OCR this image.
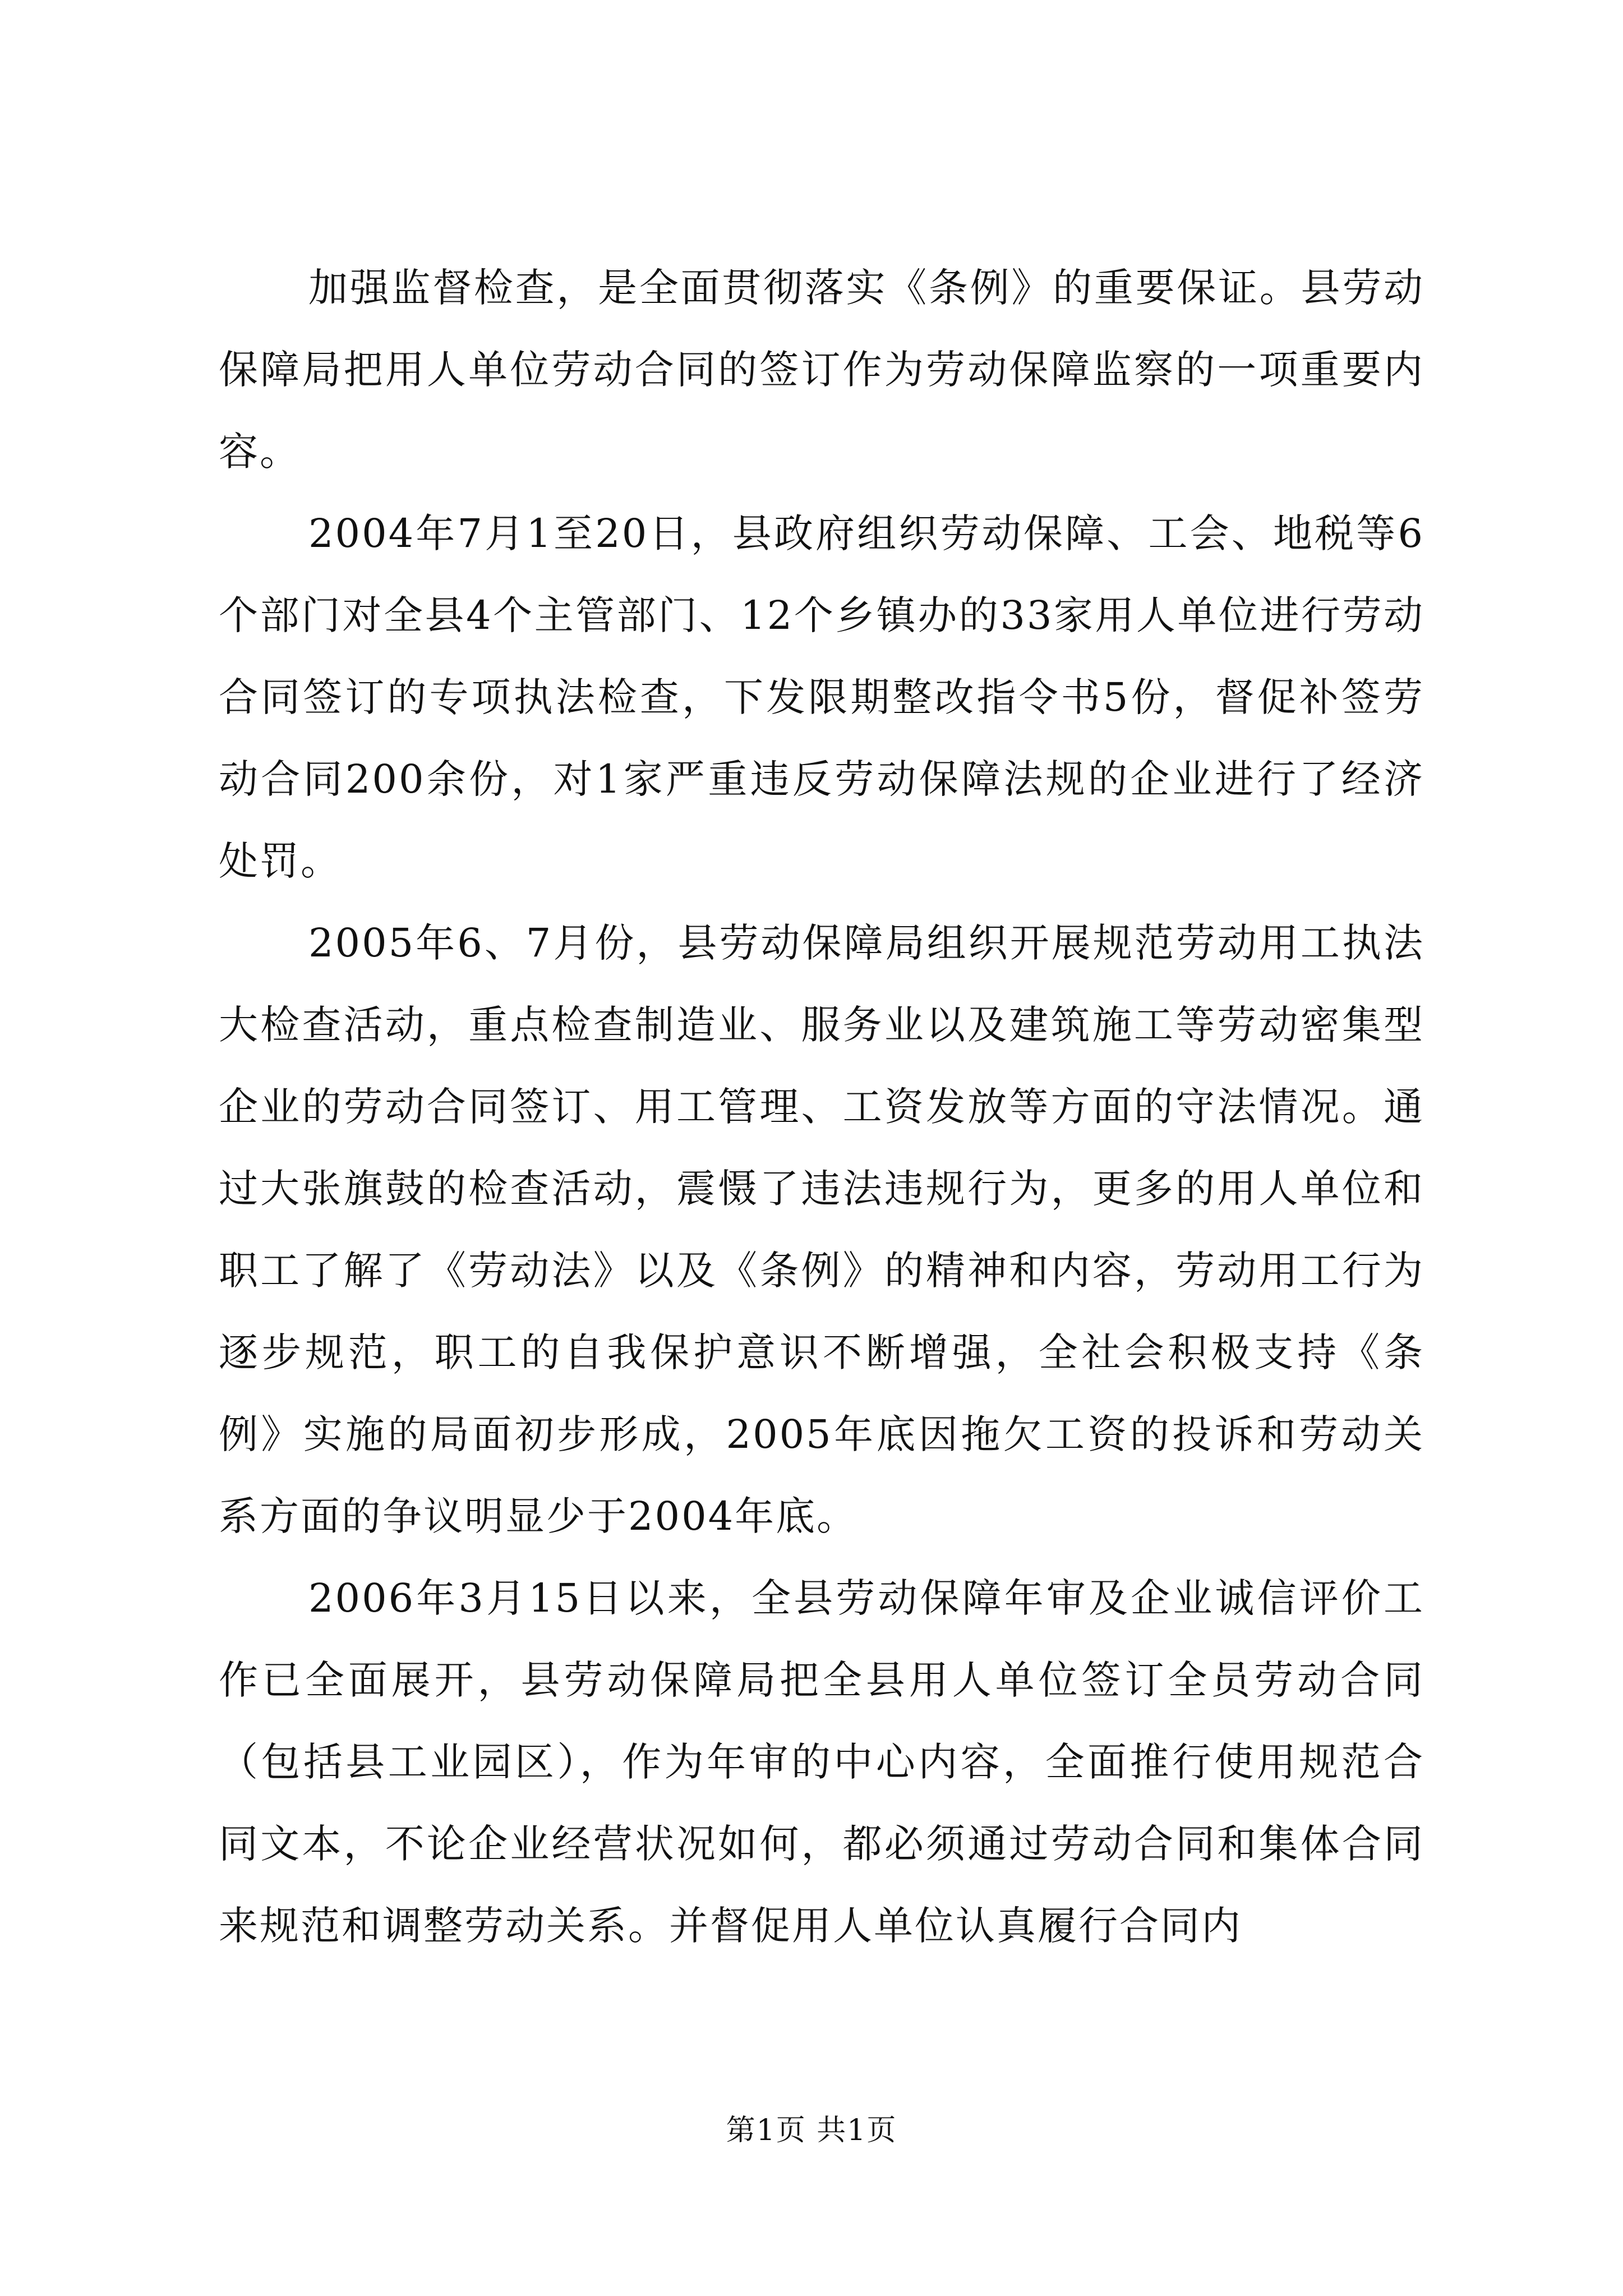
加强监督检查，是全面贯彻落实《条例》的重要保证。县劳动保障局把用人单位劳动合同的签订作为劳动保障监察的一项重要内容。

2004年7月1至20日，县政府组织劳动保障、工会、地税等6个部门对全县4个主管部门、12个乡镇办的33家用人单位进行劳动合同签订的专项执法检查，下发限期整改指令书5份，督促补签劳动合同200余份，对1家严重违反劳动保障法规的企业进行了经济处罚。

2005年6、7月份，县劳动保障局组织开展规范劳动用工执法大检查活动，重点检查制造业、服务业以及建筑施工等劳动密集型企业的劳动合同签订、用工管理、工资发放等方面的守法情况。通过大张旗鼓的检查活动，震慑了违法违规行为，更多的用人单位和职工了解了《劳动法》以及《条例》的精神和内容，劳动用工行为逐步规范，职工的自我保护意识不断增强，全社会积极支持《条例》实施的局面初步形成，2005年底因拖欠工资的投诉和劳动关系方面的争议明显少于2004年底。

2006年3月15日以来，全县劳动保障年审及企业诚信评价工作已全面展开，县劳动保障局把全县用人单位签订全员劳动合同（包括县工业园区），作为年审的中心内容，全面推行使用规范合同文本，不论企业经营状况如何，都必须通过劳动合同和集体合同来规范和调整劳动关系。并督促用人单位认真履行合同内

第1页 共1页
